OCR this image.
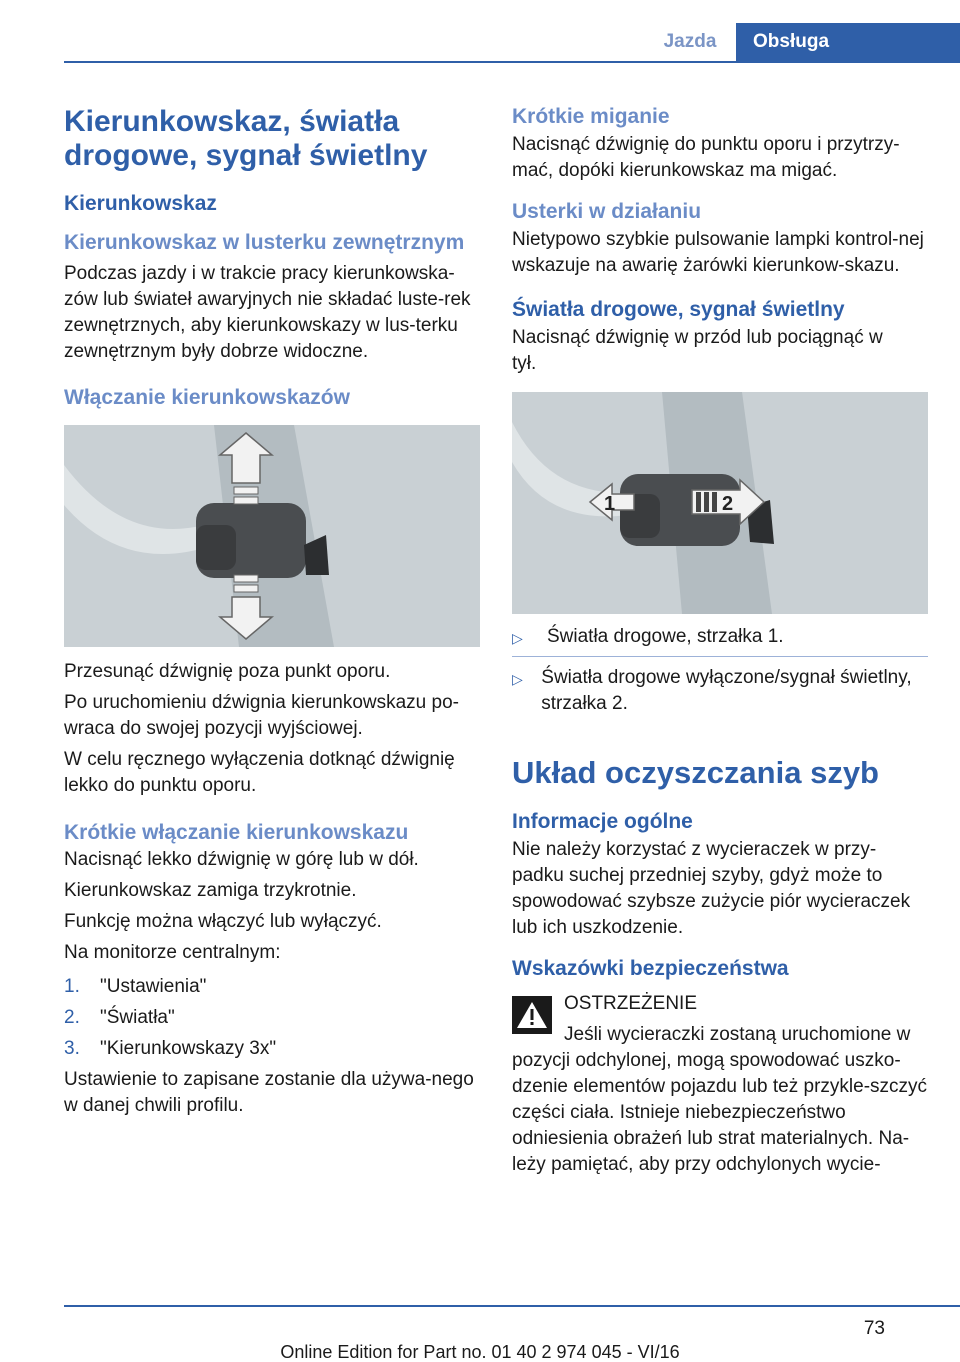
Jazda	Obsługa
Kierunkowskaz, światła drogowe, sygnał świetlny
Kierunkowskaz
Kierunkowskaz w lusterku zewnętrznym
Podczas jazdy i w trakcie pracy kierunkowska-zów lub świateł awaryjnych nie składać luste-rek zewnętrznych, aby kierunkowskazy w lus-terku zewnętrznym były dobrze widoczne.
Włączanie kierunkowskazów
Przesunąć dźwignię poza punkt oporu.
Po uruchomieniu dźwignia kierunkowskazu po-wraca do swojej pozycji wyjściowej.
W celu ręcznego wyłączenia dotknąć dźwignię lekko do punktu oporu.
Krótkie włączanie kierunkowskazu
Nacisnąć lekko dźwignię w górę lub w dół.
Kierunkowskaz zamiga trzykrotnie.
Funkcję można włączyć lub wyłączyć.
Na monitorze centralnym:
1.	"Ustawienia"
2.	"Światła"
3.	"Kierunkowskazy 3x"
Ustawienie to zapisane zostanie dla używa-nego w danej chwili profilu.
Krótkie miganie
Nacisnąć dźwignię do punktu oporu i przytrzy-mać, dopóki kierunkowskaz ma migać.
Usterki w działaniu
Nietypowo szybkie pulsowanie lampki kontrol-nej wskazuje na awarię żarówki kierunkow-skazu.
Światła drogowe, sygnał świetlny
Nacisnąć dźwignię w przód lub pociągnąć w tył.
1	2
▷	Światła drogowe, strzałka 1.
▷ Światła drogowe wyłączone/sygnał świetlny, strzałka 2.
Układ oczyszczania szyb
Informacje ogólne
Nie należy korzystać z wycieraczek w przy-padku suchej przedniej szyby, gdyż może to spowodować szybsze zużycie piór wycieraczek lub ich uszkodzenie.
Wskazówki bezpieczeństwa
OSTRZEŻENIE
Jeśli wycieraczki zostaną uruchomione w pozycji odchylonej, mogą spowodować uszko-dzenie elementów pojazdu lub też przykle-szczyć części ciała. Istnieje niebezpieczeństwo odniesienia obrażeń lub strat materialnych. Na-leży pamiętać, aby przy odchylonych wycie-
73
Online Edition for Part no. 01 40 2 974 045 - VI/16
